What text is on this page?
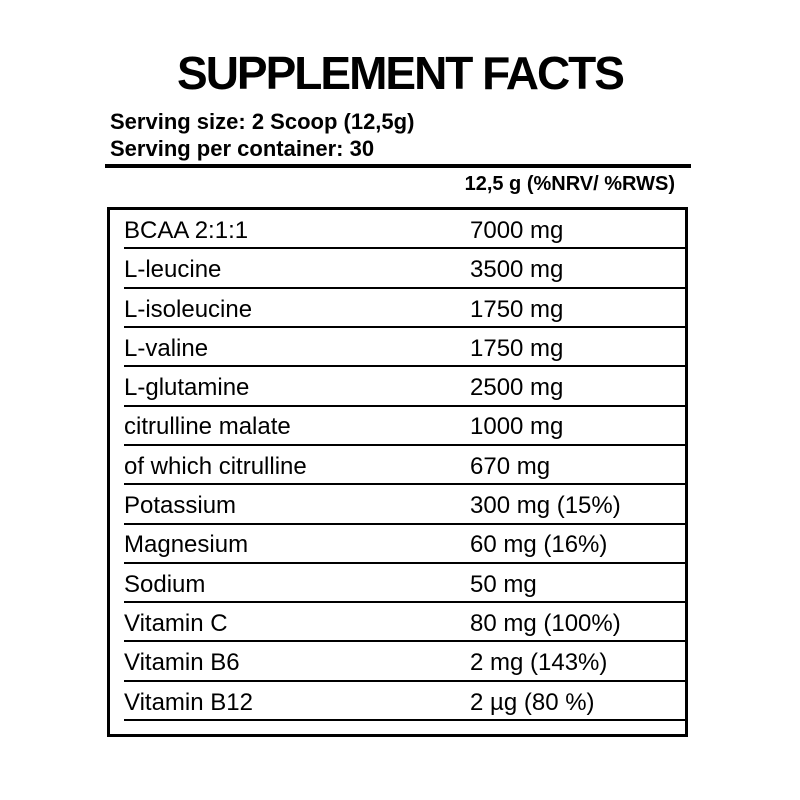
SUPPLEMENT FACTS
Serving size: 2 Scoop (12,5g)
Serving per container: 30
12,5 g (%NRV/ %RWS)
BCAA 2:1:1	7000 mg
L-leucine	3500 mg
L-isoleucine	1750 mg
L-valine	1750 mg
L-glutamine	2500 mg
citrulline malate	1000 mg
of which citrulline	670 mg
Potassium	300 mg (15%)
Magnesium	60 mg (16%)
Sodium	50 mg
Vitamin C	80 mg (100%)
Vitamin B6	2 mg (143%)
Vitamin B12	2 µg (80 %)
